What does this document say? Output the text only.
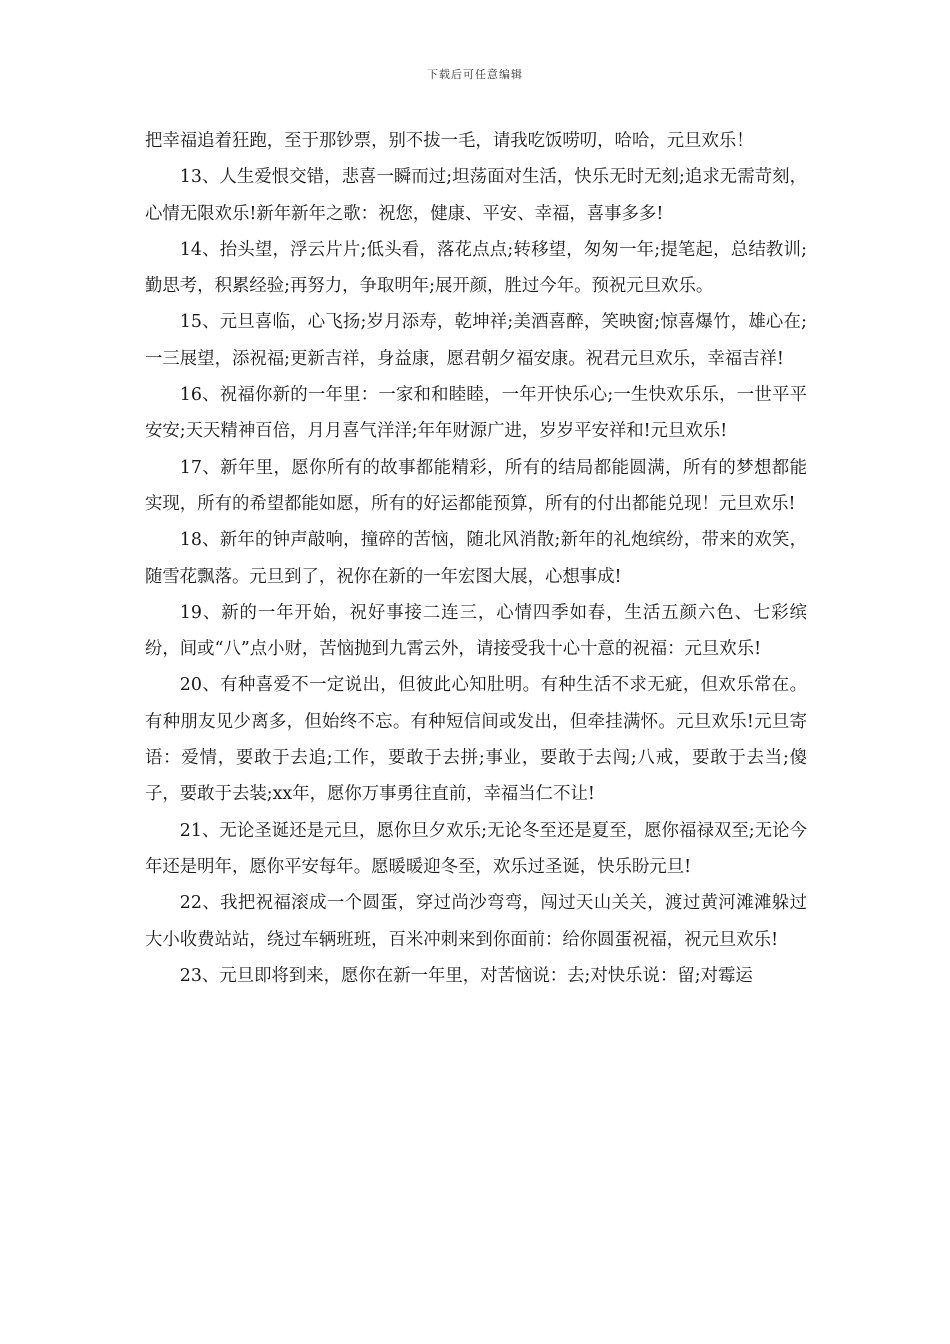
下载后可任意编辑

把幸福追着狂跑，至于那钞票，别不拔一毛，请我吃饭唠叨，哈哈，元旦欢乐！

13、人生爱恨交错，悲喜一瞬而过;坦荡面对生活，快乐无时无刻;追求无需苛刻，心情无限欢乐!新年新年之歌：祝您，健康、平安、幸福，喜事多多!

14、抬头望，浮云片片;低头看，落花点点;转移望，匆匆一年;提笔起，总结教训;勤思考，积累经验;再努力，争取明年;展开颜，胜过今年。预祝元旦欢乐。

15、元旦喜临，心飞扬;岁月添寿，乾坤祥;美酒喜醉，笑映窗;惊喜爆竹，雄心在;一三展望，添祝福;更新吉祥，身益康，愿君朝夕福安康。祝君元旦欢乐，幸福吉祥!

16、祝福你新的一年里：一家和和睦睦，一年开快乐心;一生快欢乐乐，一世平平安安;天天精神百倍，月月喜气洋洋;年年财源广进，岁岁平安祥和!元旦欢乐!

17、新年里，愿你所有的故事都能精彩，所有的结局都能圆满，所有的梦想都能实现，所有的希望都能如愿，所有的好运都能预算，所有的付出都能兑现！元旦欢乐!

18、新年的钟声敲响，撞碎的苦恼，随北风消散;新年的礼炮缤纷，带来的欢笑，随雪花飘落。元旦到了，祝你在新的一年宏图大展，心想事成!

19、新的一年开始，祝好事接二连三，心情四季如春，生活五颜六色、七彩缤纷，间或“八”点小财，苦恼抛到九霄云外，请接受我十心十意的祝福：元旦欢乐!

20、有种喜爱不一定说出，但彼此心知肚明。有种生活不求无疵，但欢乐常在。有种朋友见少离多，但始终不忘。有种短信间或发出，但牵挂满怀。元旦欢乐!元旦寄语：爱情，要敢于去追;工作，要敢于去拼;事业，要敢于去闯;八戒，要敢于去当;傻子，要敢于去装;xx年，愿你万事勇往直前，幸福当仁不让!

21、无论圣诞还是元旦，愿你旦夕欢乐;无论冬至还是夏至，愿你福禄双至;无论今年还是明年，愿你平安每年。愿暖暖迎冬至，欢乐过圣诞，快乐盼元旦!

22、我把祝福滚成一个圆蛋，穿过尚沙弯弯，闯过天山关关，渡过黄河滩滩躲过大小收费站站，绕过车辆班班，百米冲刺来到你面前：给你圆蛋祝福，祝元旦欢乐!

23、元旦即将到来，愿你在新一年里，对苦恼说：去;对快乐说：留;对霉运
